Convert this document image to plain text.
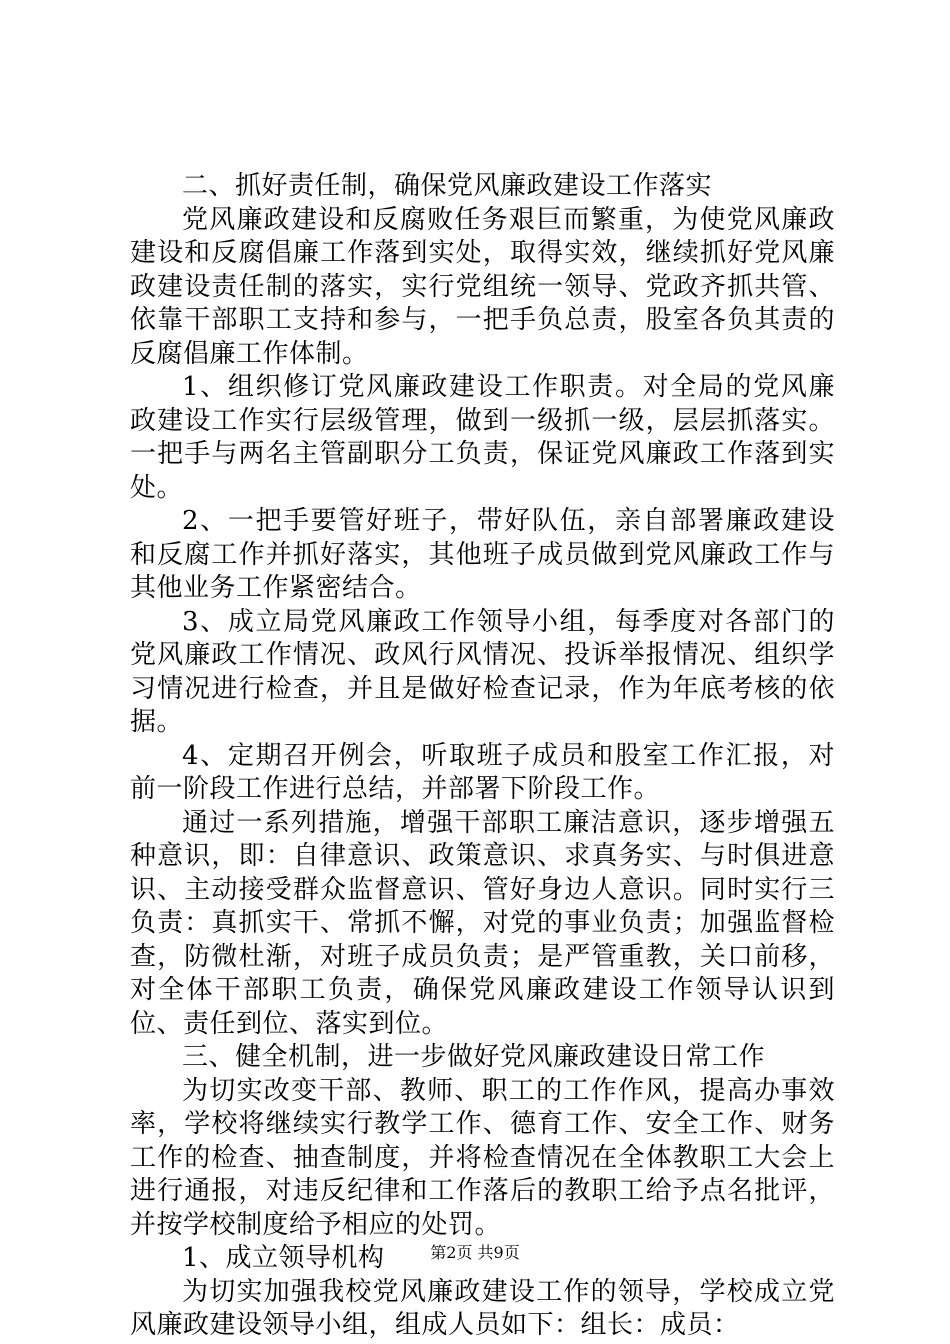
二、抓好责任制，确保党风廉政建设工作落实

党风廉政建设和反腐败任务艰巨而繁重，为使党风廉政建设和反腐倡廉工作落到实处，取得实效，继续抓好党风廉政建设责任制的落实，实行党组统一领导、党政齐抓共管、依靠干部职工支持和参与，一把手负总责，股室各负其责的反腐倡廉工作体制。

1、组织修订党风廉政建设工作职责。对全局的党风廉政建设工作实行层级管理，做到一级抓一级，层层抓落实。一把手与两名主管副职分工负责，保证党风廉政工作落到实处。

2、一把手要管好班子，带好队伍，亲自部署廉政建设和反腐工作并抓好落实，其他班子成员做到党风廉政工作与其他业务工作紧密结合。

3、成立局党风廉政工作领导小组，每季度对各部门的党风廉政工作情况、政风行风情况、投诉举报情况、组织学习情况进行检查，并且是做好检查记录，作为年底考核的依据。

4、定期召开例会，听取班子成员和股室工作汇报，对前一阶段工作进行总结，并部署下阶段工作。

通过一系列措施，增强干部职工廉洁意识，逐步增强五种意识，即：自律意识、政策意识、求真务实、与时俱进意识、主动接受群众监督意识、管好身边人意识。同时实行三负责：真抓实干、常抓不懈，对党的事业负责；加强监督检查，防微杜渐，对班子成员负责；是严管重教，关口前移，对全体干部职工负责，确保党风廉政建设工作领导认识到位、责任到位、落实到位。

三、健全机制，进一步做好党风廉政建设日常工作

为切实改变干部、教师、职工的工作作风，提高办事效率，学校将继续实行教学工作、德育工作、安全工作、财务工作的检查、抽查制度，并将检查情况在全体教职工大会上进行通报，对违反纪律和工作落后的教职工给予点名批评，并按学校制度给予相应的处罚。

1、成立领导机构

为切实加强我校党风廉政建设工作的领导，学校成立党风廉政建设领导小组，组成人员如下：组长：成员：

第2页 共9页
